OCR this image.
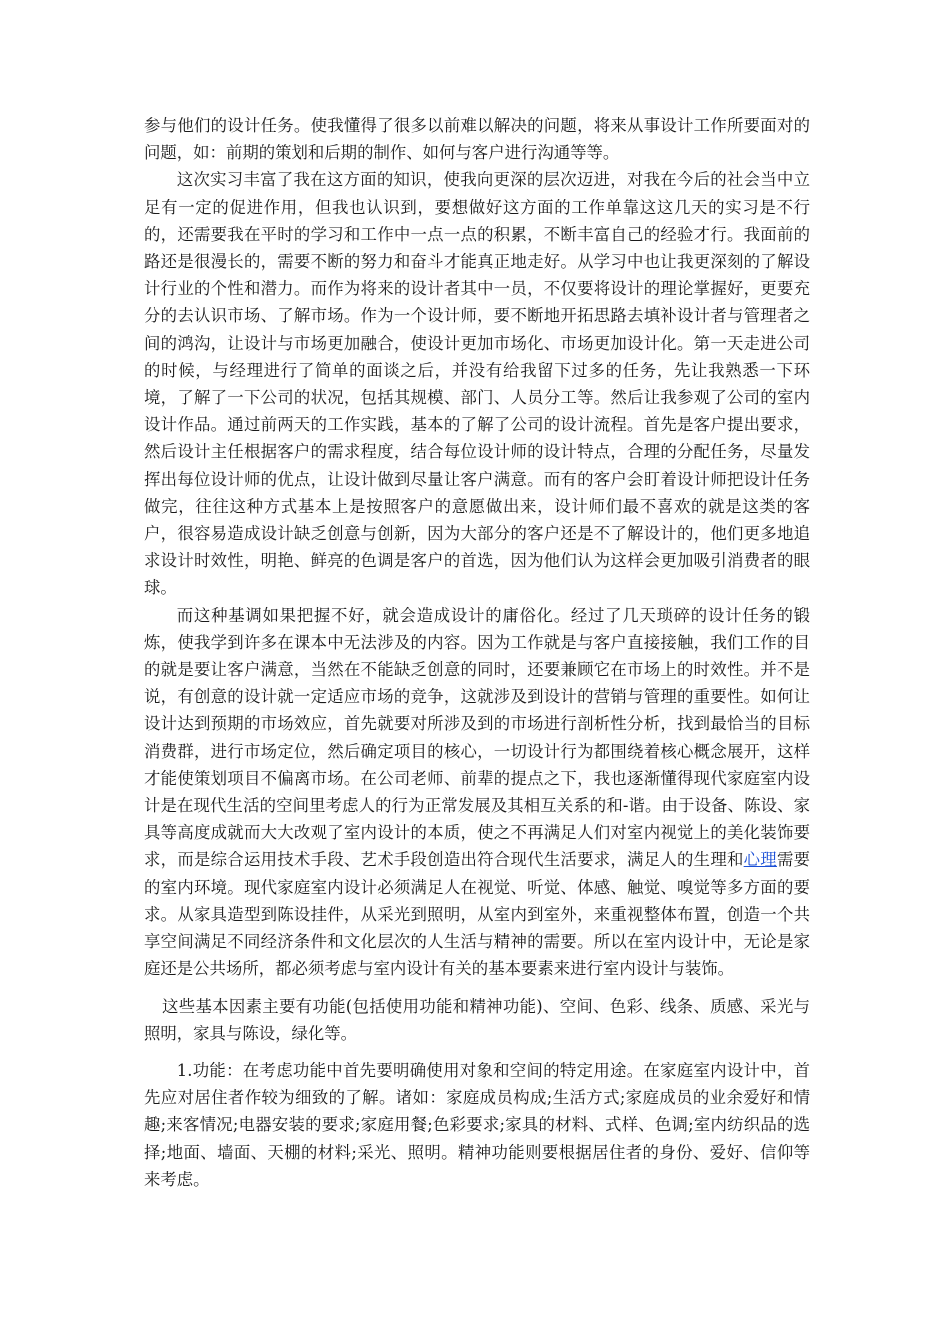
参与他们的设计任务。使我懂得了很多以前难以解决的问题，将来从事设计工作所要面对的问题，如：前期的策划和后期的制作、如何与客户进行沟通等等。

这次实习丰富了我在这方面的知识，使我向更深的层次迈进，对我在今后的社会当中立足有一定的促进作用，但我也认识到，要想做好这方面的工作单靠这这几天的实习是不行的，还需要我在平时的学习和工作中一点一点的积累，不断丰富自己的经验才行。我面前的路还是很漫长的，需要不断的努力和奋斗才能真正地走好。从学习中也让我更深刻的了解设计行业的个性和潜力。而作为将来的设计者其中一员，不仅要将设计的理论掌握好，更要充分的去认识市场、了解市场。作为一个设计师，要不断地开拓思路去填补设计者与管理者之间的鸿沟，让设计与市场更加融合，使设计更加市场化、市场更加设计化。第一天走进公司的时候，与经理进行了简单的面谈之后，并没有给我留下过多的任务，先让我熟悉一下环境，了解了一下公司的状况，包括其规模、部门、人员分工等。然后让我参观了公司的室内设计作品。通过前两天的工作实践，基本的了解了公司的设计流程。首先是客户提出要求，然后设计主任根据客户的需求程度，结合每位设计师的设计特点，合理的分配任务，尽量发挥出每位设计师的优点，让设计做到尽量让客户满意。而有的客户会盯着设计师把设计任务做完，往往这种方式基本上是按照客户的意愿做出来，设计师们最不喜欢的就是这类的客户，很容易造成设计缺乏创意与创新，因为大部分的客户还是不了解设计的，他们更多地追求设计时效性，明艳、鲜亮的色调是客户的首选，因为他们认为这样会更加吸引消费者的眼球。

而这种基调如果把握不好，就会造成设计的庸俗化。经过了几天琐碎的设计任务的锻炼，使我学到许多在课本中无法涉及的内容。因为工作就是与客户直接接触，我们工作的目的就是要让客户满意，当然在不能缺乏创意的同时，还要兼顾它在市场上的时效性。并不是说，有创意的设计就一定适应市场的竞争，这就涉及到设计的营销与管理的重要性。如何让设计达到预期的市场效应，首先就要对所涉及到的市场进行剖析性分析，找到最恰当的目标消费群，进行市场定位，然后确定项目的核心，一切设计行为都围绕着核心概念展开，这样才能使策划项目不偏离市场。在公司老师、前辈的提点之下，我也逐渐懂得现代家庭室内设计是在现代生活的空间里考虑人的行为正常发展及其相互关系的和-谐。由于设备、陈设、家具等高度成就而大大改观了室内设计的本质，使之不再满足人们对室内视觉上的美化装饰要求，而是综合运用技术手段、艺术手段创造出符合现代生活要求，满足人的生理和心理需要的室内环境。现代家庭室内设计必须满足人在视觉、听觉、体感、触觉、嗅觉等多方面的要求。从家具造型到陈设挂件，从采光到照明，从室内到室外，来重视整体布置，创造一个共享空间满足不同经济条件和文化层次的人生活与精神的需要。所以在室内设计中，无论是家庭还是公共场所，都必须考虑与室内设计有关的基本要素来进行室内设计与装饰。

这些基本因素主要有功能(包括使用功能和精神功能)、空间、色彩、线条、质感、采光与照明，家具与陈设，绿化等。

1.功能：在考虑功能中首先要明确使用对象和空间的特定用途。在家庭室内设计中，首先应对居住者作较为细致的了解。诸如：家庭成员构成;生活方式;家庭成员的业余爱好和情趣;来客情况;电器安装的要求;家庭用餐;色彩要求;家具的材料、式样、色调;室内纺织品的选择;地面、墙面、天棚的材料;采光、照明。精神功能则要根据居住者的身份、爱好、信仰等来考虑。
